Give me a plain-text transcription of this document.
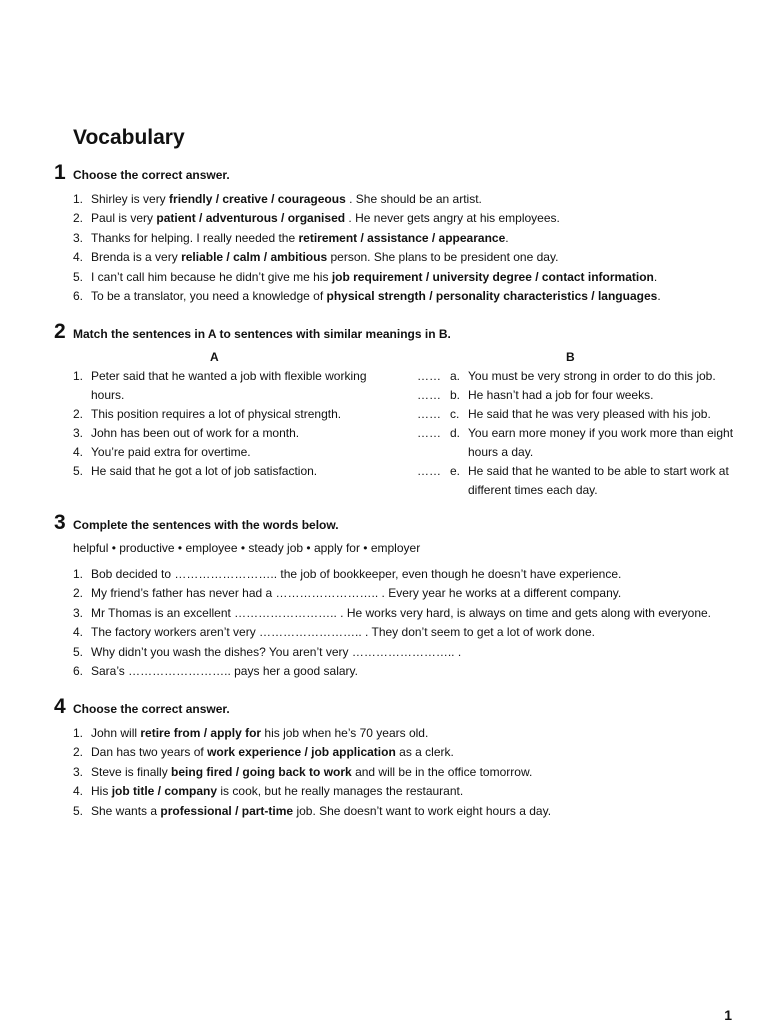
Vocabulary
1 Choose the correct answer.
1. Shirley is very friendly / creative / courageous . She should be an artist.
2. Paul is very patient / adventurous / organised . He never gets angry at his employees.
3. Thanks for helping. I really needed the retirement / assistance / appearance.
4. Brenda is a very reliable / calm / ambitious person. She plans to be president one day.
5. I can’t call him because he didn’t give me his job requirement / university degree / contact information.
6. To be a translator, you need a knowledge of physical strength / personality characteristics / languages.
2 Match the sentences in A to sentences with similar meanings in B.
A	B
1. Peter said that he wanted a job with flexible working hours.
2. This position requires a lot of physical strength.
3. John has been out of work for a month.
4. You’re paid extra for overtime.
5. He said that he got a lot of job satisfaction.
…… a. You must be very strong in order to do this job.
…… b. He hasn’t had a job for four weeks.
…… c. He said that he was very pleased with his job.
…… d. You earn more money if you work more than eight hours a day.
…… e. He said that he wanted to be able to start work at different times each day.
3 Complete the sentences with the words below.
helpful • productive • employee • steady job • apply for • employer
1. Bob decided to …………………….. the job of bookkeeper, even though he doesn’t have experience.
2. My friend’s father has never had a …………………….. . Every year he works at a different company.
3. Mr Thomas is an excellent …………………….. . He works very hard, is always on time and gets along with everyone.
4. The factory workers aren’t very …………………….. . They don’t seem to get a lot of work done.
5. Why didn’t you wash the dishes? You aren’t very …………………….. .
6. Sara’s …………………….. pays her a good salary.
4 Choose the correct answer.
1. John will retire from / apply for his job when he’s 70 years old.
2. Dan has two years of work experience / job application as a clerk.
3. Steve is finally being fired / going back to work and will be in the office tomorrow.
4. His job title / company is cook, but he really manages the restaurant.
5. She wants a professional / part-time job. She doesn’t want to work eight hours a day.
1
